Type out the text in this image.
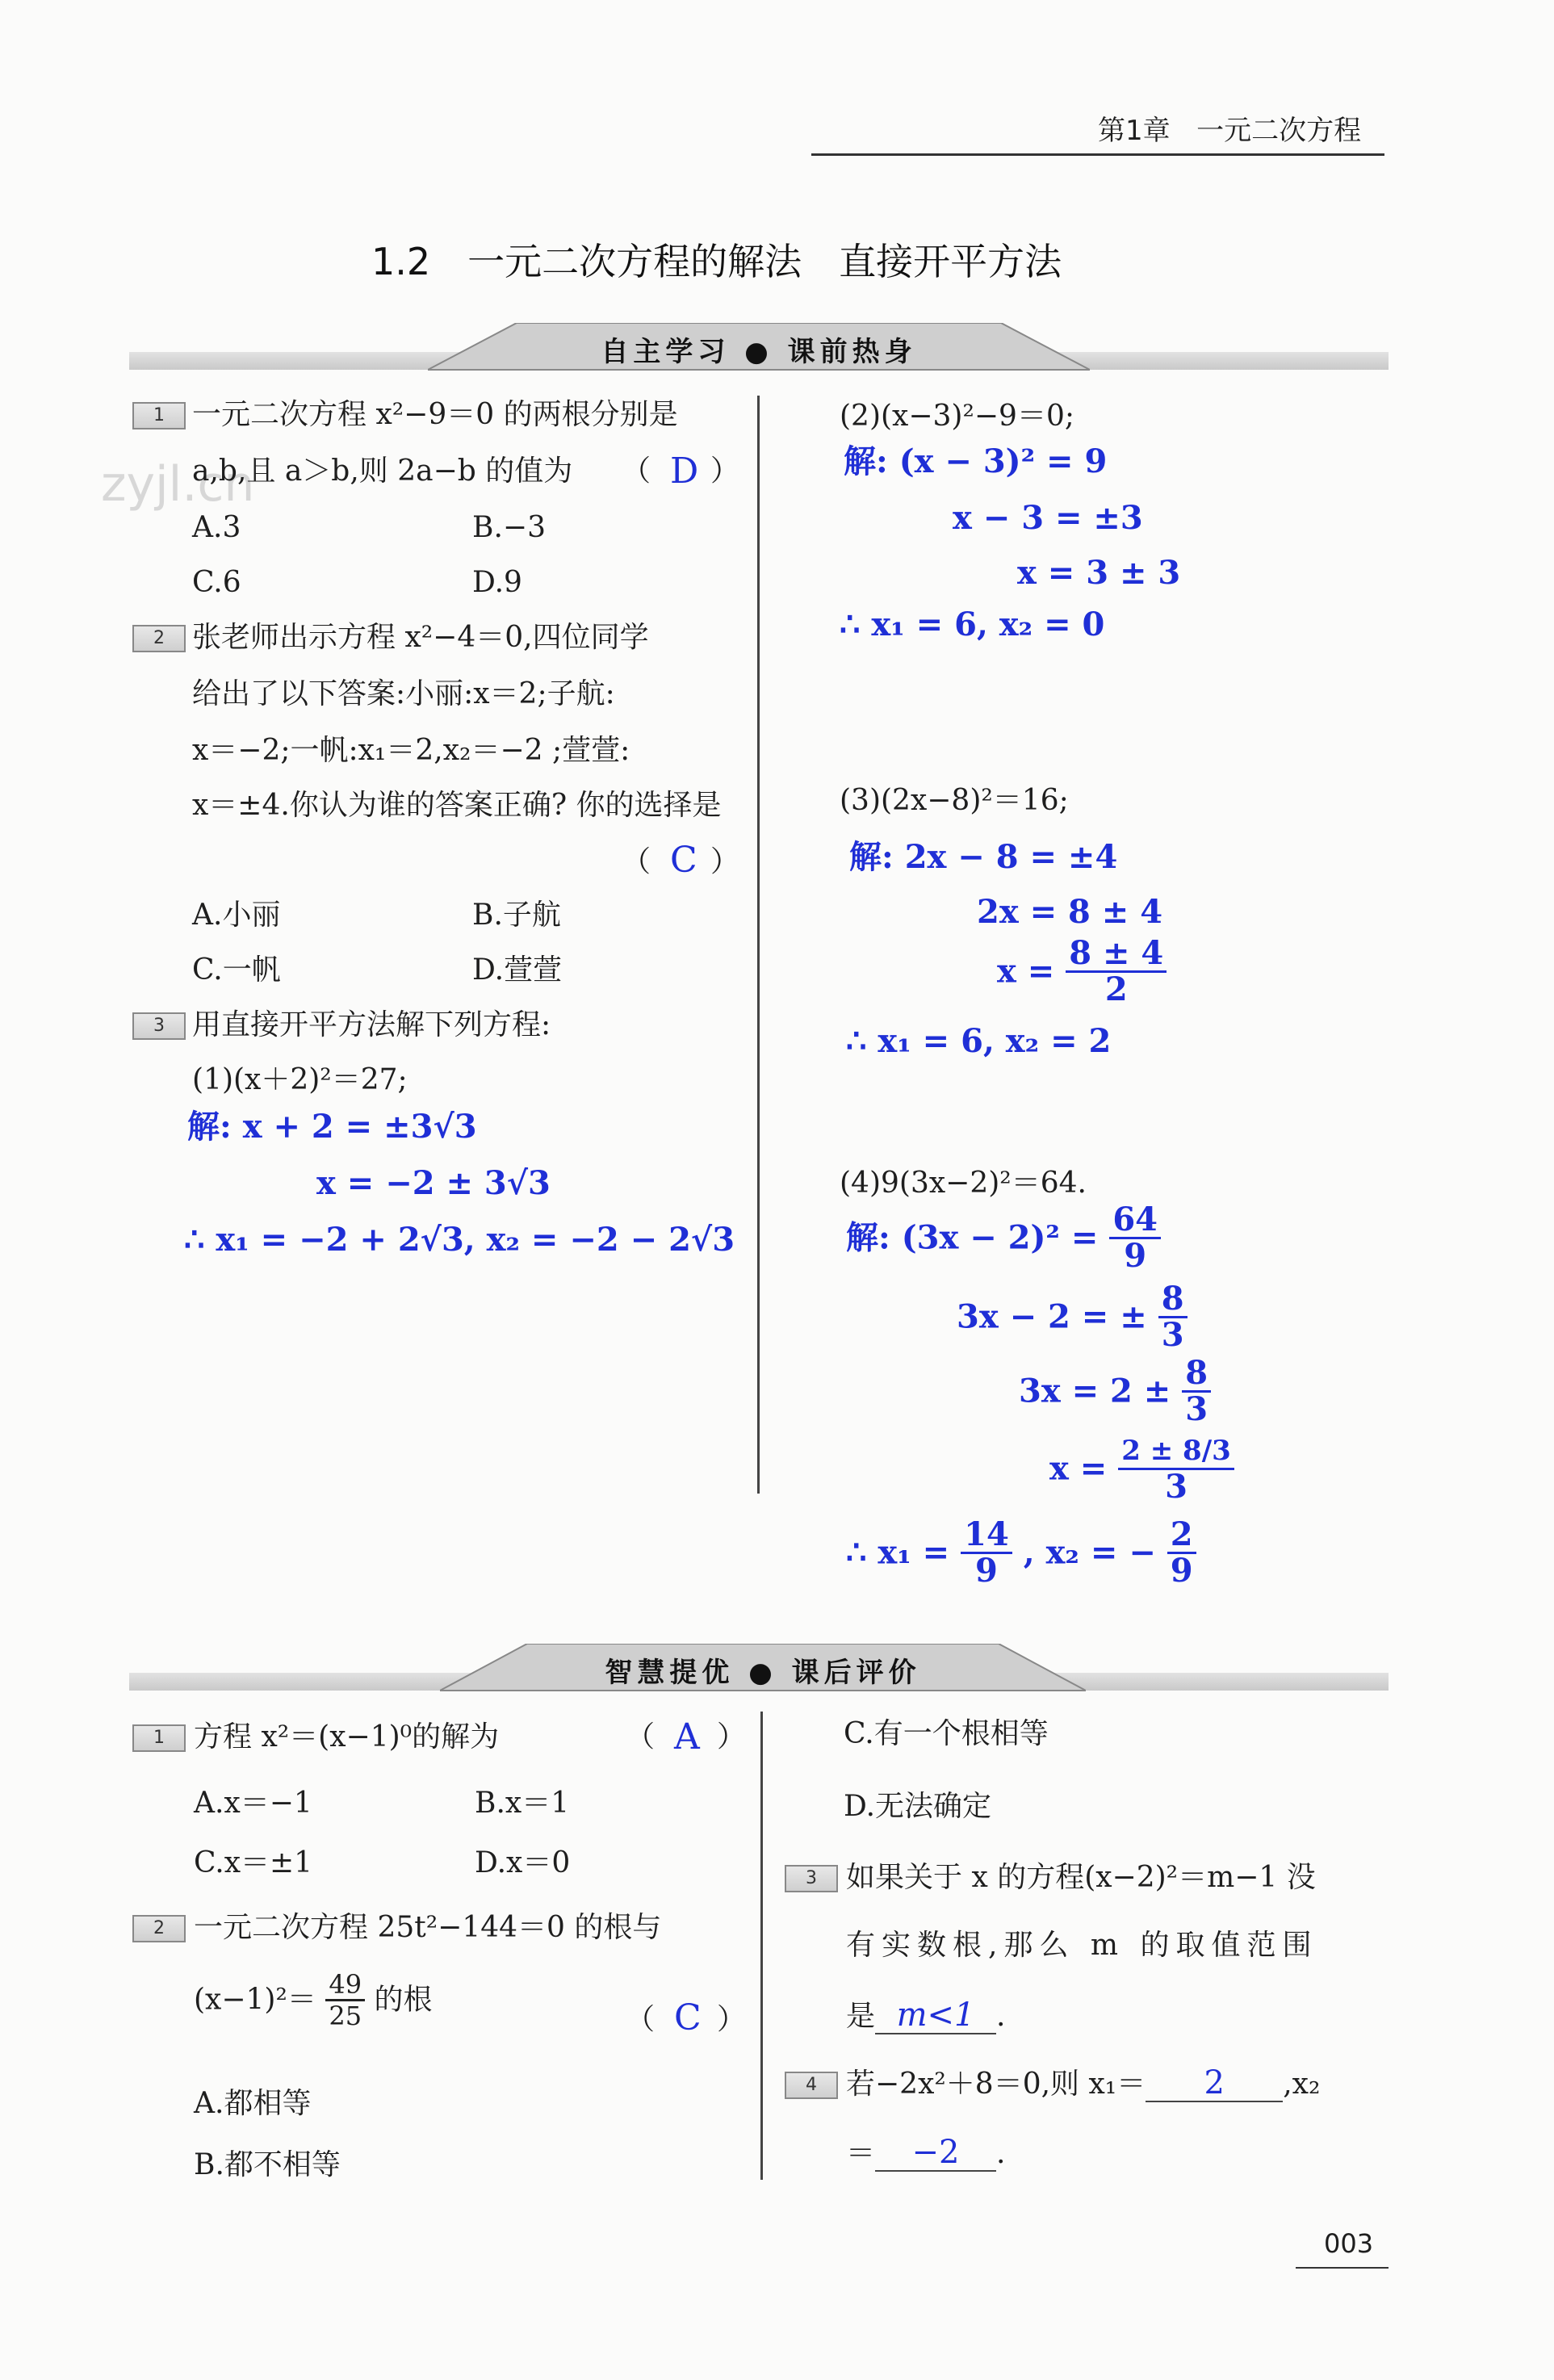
第1章 一元二次方程
1.2　一元二次方程的解法　直接开平方法
zyjl.cn
自主学习 ● 课前热身
1 一元二次方程 x²−9＝0 的两根分别是
a,b,且 a＞b,则 2a−b 的值为 （ D ）
A.3	B.−3
C.6	D.9
2 张老师出示方程 x²−4＝0,四位同学
给出了以下答案:小丽:x＝2;子航:
x＝−2;一帆:x₁＝2,x₂＝−2 ;萱萱:
x＝±4.你认为谁的答案正确? 你的选择是
（ C ）
A.小丽	B.子航
C.一帆	D.萱萱
3 用直接开平方法解下列方程:
(1)(x＋2)²＝27;
解: x + 2 = ±3√3
x = −2 ± 3√3
∴ x₁ = −2 + 2√3, x₂ = −2 − 2√3
(2)(x−3)²−9＝0;
解: (x − 3)² = 9
x − 3 = ±3
x = 3 ± 3
∴ x₁ = 6, x₂ = 0
(3)(2x−8)²＝16;
解: 2x − 8 = ±4
2x = 8 ± 4
$x = \frac{8 \pm 4}{2}$
∴ x₁ = 6, x₂ = 2
(4)9(3x−2)²＝64.
解: $(3x - 2)^2 = \frac{64}{9}$
3x − 2 = ± $\frac{8}{3}$
$3x = 2 \pm \frac{8}{3}$
$x = \frac{2 \pm 8/3}{3}$
∴ $x_1 = \frac{14}{9}$ , x₂ = − $\frac{2}{9}$
智慧提优 ● 课后评价
1	方程 x²＝(x−1)⁰的解为	（ A ）
A.x＝−1	B.x＝1
C.x＝±1	D.x＝0
2	一元二次方程 25t²−144＝0 的根与
$(x-1)^2= \frac{49}{25}$ 的根
（ C ）
A.都相等
B.都不相等
C.有一个根相等
D.无法确定
3	如果关于 x 的方程(x−2)²＝m−1 没
有实数根,那么 m 的取值范围
是 m<1 .
4	若−2x²＋8＝0,则 x₁＝ 2 ,x₂
＝ −2 .
003
